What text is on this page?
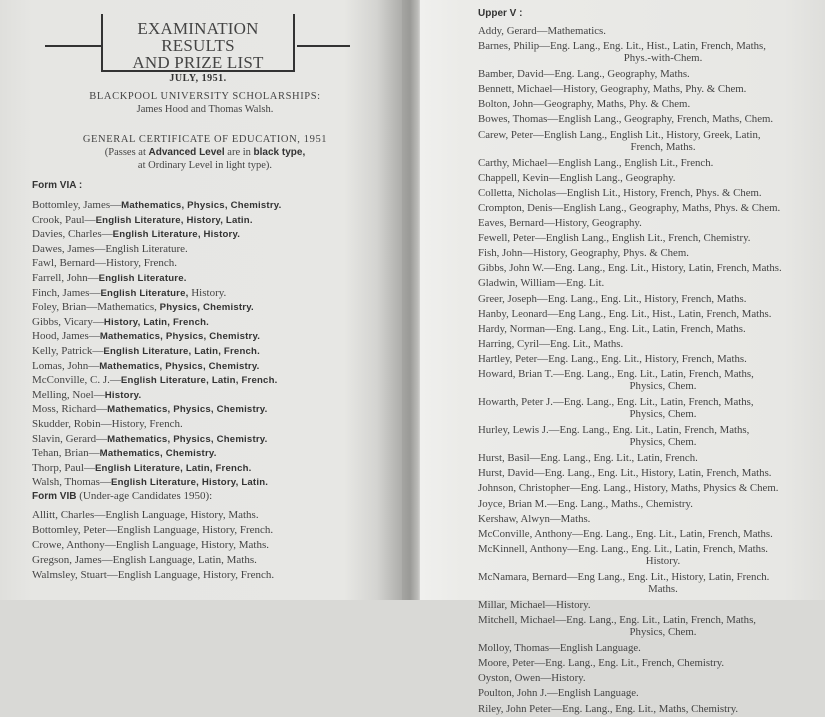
EXAMINATION RESULTS
AND PRIZE LIST
JULY, 1951.
BLACKPOOL UNIVERSITY SCHOLARSHIPS:
James Hood and Thomas Walsh.
GENERAL CERTIFICATE OF EDUCATION, 1951
(Passes at Advanced Level are in black type,
at Ordinary Level in light type).
Form VIA :
Bottomley, James—Mathematics, Physics, Chemistry.
Crook, Paul—English Literature, History, Latin.
Davies, Charles—English Literature, History.
Dawes, James—English Literature.
Fawl, Bernard—History, French.
Farrell, John—English Literature.
Finch, James—English Literature, History.
Foley, Brian—Mathematics, Physics, Chemistry.
Gibbs, Vicary—History, Latin, French.
Hood, James—Mathematics, Physics, Chemistry.
Kelly, Patrick—English Literature, Latin, French.
Lomas, John—Mathematics, Physics, Chemistry.
McConville, C. J.—English Literature, Latin, French.
Melling, Noel—History.
Moss, Richard—Mathematics, Physics, Chemistry.
Skudder, Robin—History, French.
Slavin, Gerard—Mathematics, Physics, Chemistry.
Tehan, Brian—Mathematics, Chemistry.
Thorp, Paul—English Literature, Latin, French.
Walsh, Thomas—English Literature, History, Latin.
Form VIB (Under-age Candidates 1950):
Allitt, Charles—English Language, History, Maths.
Bottomley, Peter—English Language, History, French.
Crowe, Anthony—English Language, History, Maths.
Gregson, James—English Language, Latin, Maths.
Walmsley, Stuart—English Language, History, French.
Upper V :
Addy, Gerard—Mathematics.
Barnes, Philip—Eng. Lang., Eng. Lit., Hist., Latin, French, Maths,
Phys.-with-Chem.
Bamber, David—Eng. Lang., Geography, Maths.
Bennett, Michael—History, Geography, Maths, Phy. & Chem.
Bolton, John—Geography, Maths, Phy. & Chem.
Bowes, Thomas—English Lang., Geography, French, Maths, Chem.
Carew, Peter—English Lang., English Lit., History, Greek, Latin,
French, Maths.
Carthy, Michael—English Lang., English Lit., French.
Chappell, Kevin—English Lang., Geography.
Colletta, Nicholas—English Lit., History, French, Phys. & Chem.
Crompton, Denis—English Lang., Geography, Maths, Phys. & Chem.
Eaves, Bernard—History, Geography.
Fewell, Peter—English Lang., English Lit., French, Chemistry.
Fish, John—History, Geography, Phys. & Chem.
Gibbs, John W.—Eng. Lang., Eng. Lit., History, Latin, French, Maths.
Gladwin, William—Eng. Lit.
Greer, Joseph—Eng. Lang., Eng. Lit., History, French, Maths.
Hanby, Leonard—Eng Lang., Eng. Lit., Hist., Latin, French, Maths.
Hardy, Norman—Eng. Lang., Eng. Lit., Latin, French, Maths.
Harring, Cyril—Eng. Lit., Maths.
Hartley, Peter—Eng. Lang., Eng. Lit., History, French, Maths.
Howard, Brian T.—Eng. Lang., Eng. Lit., Latin, French, Maths,
Physics, Chem.
Howarth, Peter J.—Eng. Lang., Eng. Lit., Latin, French, Maths,
Physics, Chem.
Hurley, Lewis J.—Eng. Lang., Eng. Lit., Latin, French, Maths,
Physics, Chem.
Hurst, Basil—Eng. Lang., Eng. Lit., Latin, French.
Hurst, David—Eng. Lang., Eng. Lit., History, Latin, French, Maths.
Johnson, Christopher—Eng. Lang., History, Maths, Physics & Chem.
Joyce, Brian M.—Eng. Lang., Maths., Chemistry.
Kershaw, Alwyn—Maths.
McConville, Anthony—Eng. Lang., Eng. Lit., Latin, French, Maths.
McKinnell, Anthony—Eng. Lang., Eng. Lit., Latin, French, Maths.
History.
McNamara, Bernard—Eng Lang., Eng. Lit., History, Latin, French.
Maths.
Millar, Michael—History.
Mitchell, Michael—Eng. Lang., Eng. Lit., Latin, French, Maths,
Physics, Chem.
Molloy, Thomas—English Language.
Moore, Peter—Eng. Lang., Eng. Lit., French, Chemistry.
Oyston, Owen—History.
Poulton, John J.—English Language.
Riley, John Peter—Eng. Lang., Eng. Lit., Maths, Chemistry.
